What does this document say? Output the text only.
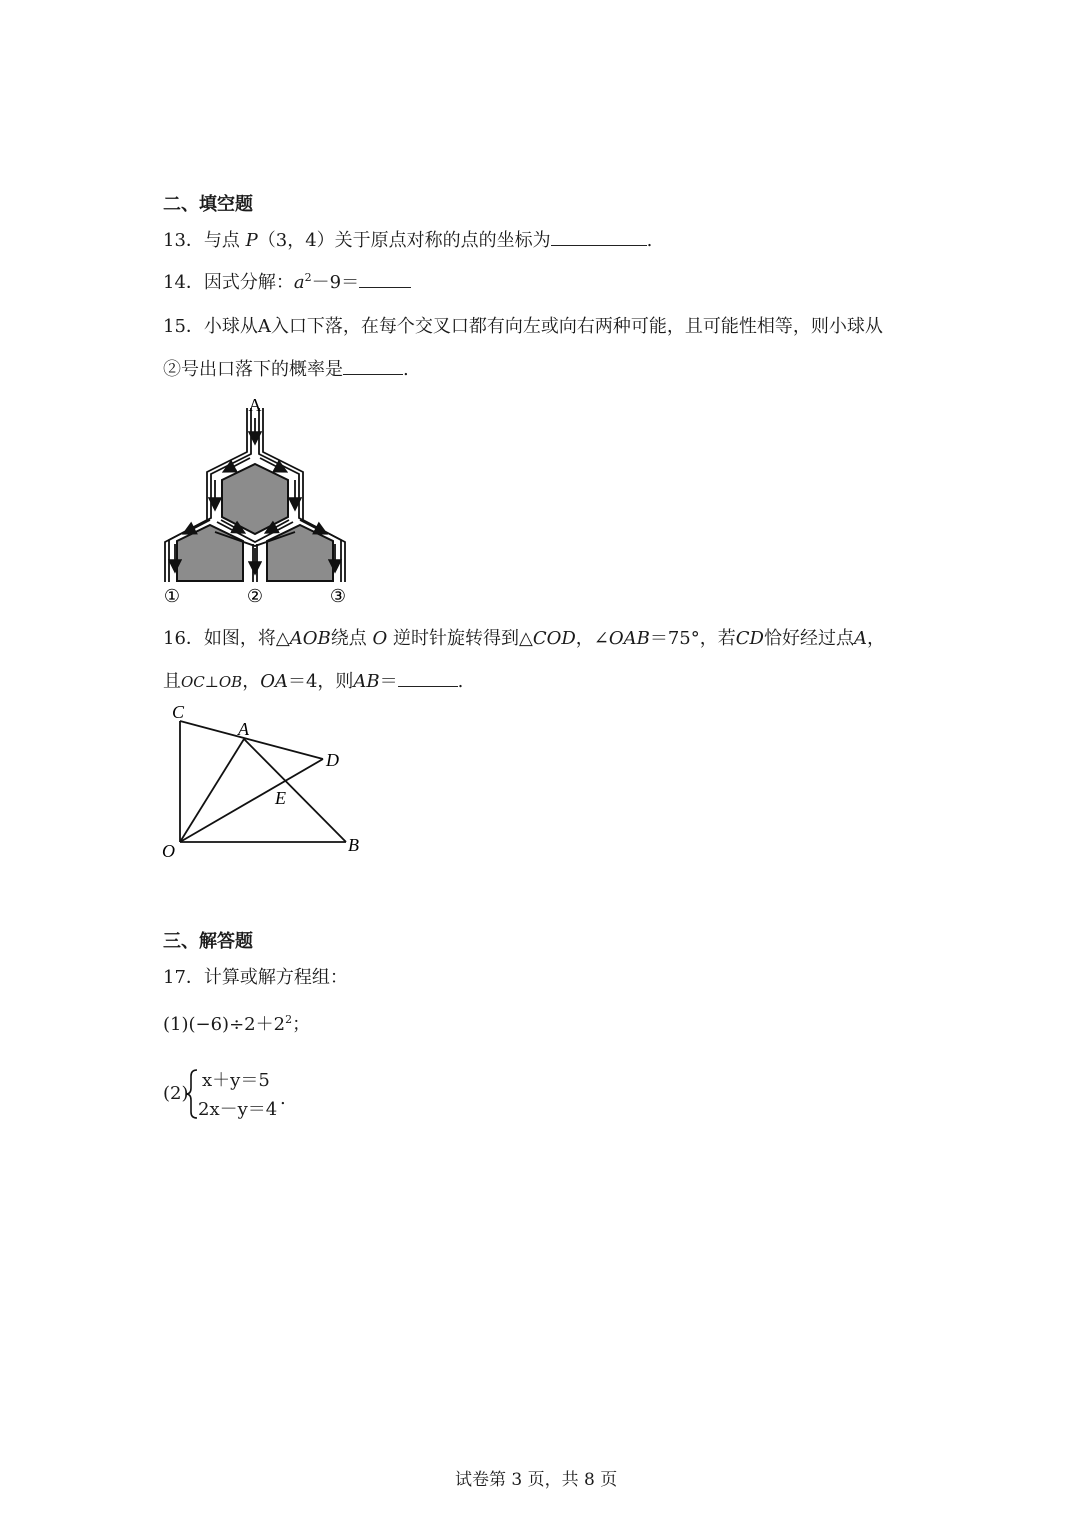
二、填空题
13．与点 P（3，4）关于原点对称的点的坐标为	.
14．因式分解：$a^2-9=$
15．小球从A入口下落，在每个交叉口都有向左或向右两种可能，且可能性相等，则小球从
②号出口落下的概率是	.
A
①	②	③
16．如图，将△AOB绕点 O 逆时针旋转得到△COD，∠OAB＝75°，若CD恰好经过点A，
且OC⊥OB，OA＝4，则AB＝	.
C
A
D
E
O	B
三、解答题
17．计算或解方程组：
$(1)(-6)\div 2+2^2$；
(2)
x＋y＝5
2x－y＝4
.
试卷第 3 页，共 8 页
